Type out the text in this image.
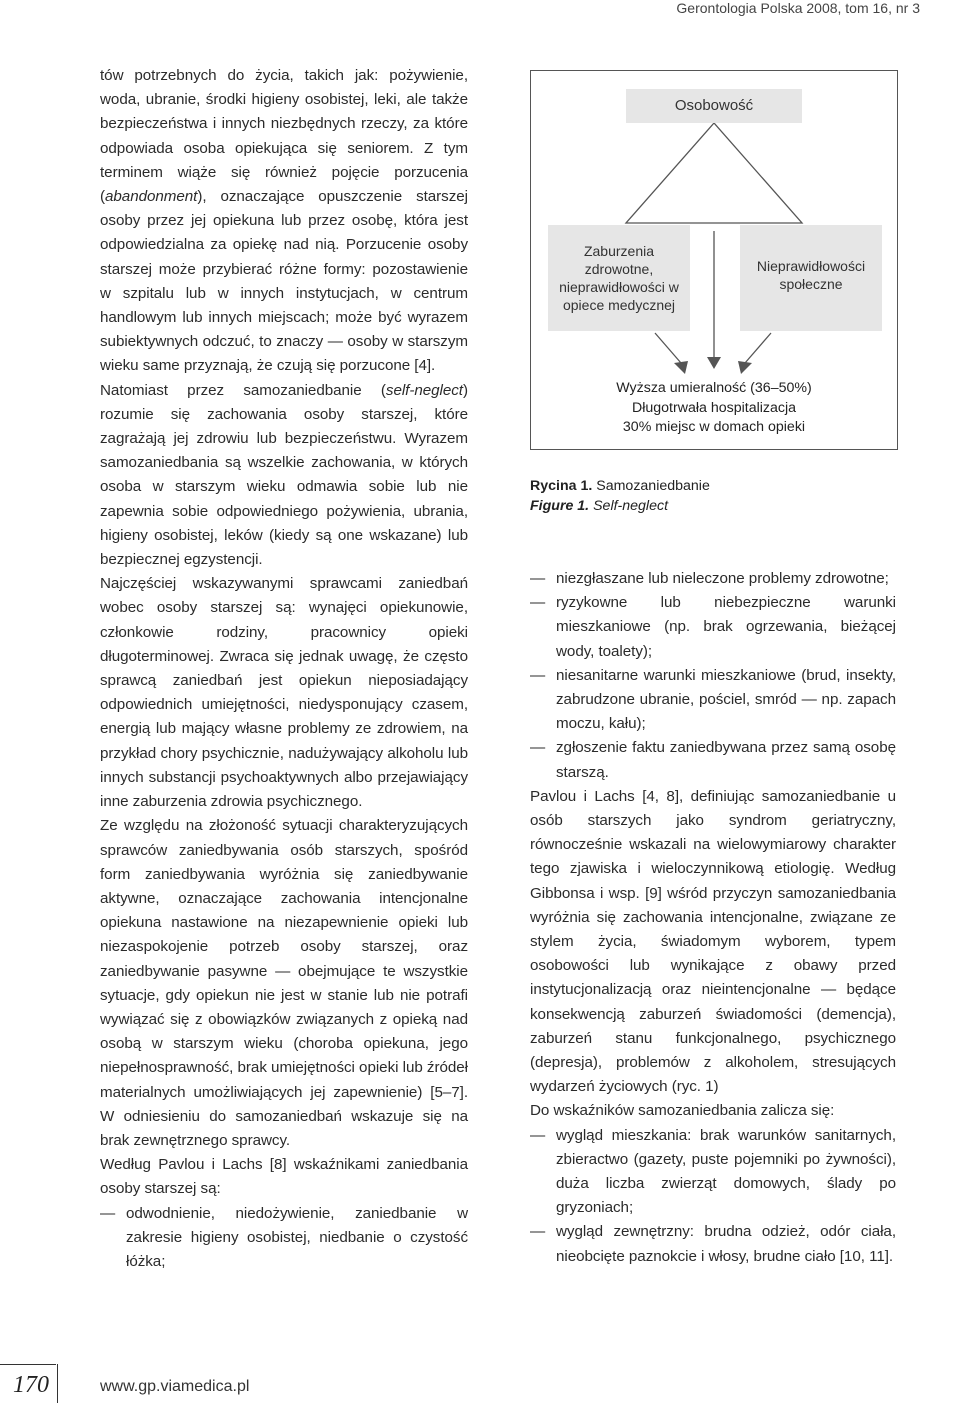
Gerontologia Polska 2008, tom 16, nr 3

tów potrzebnych do życia, takich jak: pożywienie, woda, ubranie, środki higieny osobistej, leki, ale także bezpieczeństwa i innych niezbędnych rzeczy, za które odpowiada osoba opiekująca się seniorem. Z tym terminem wiąże się również pojęcie porzucenia (abandonment), oznaczające opuszczenie starszej osoby przez jej opiekuna lub przez osobę, która jest odpowiedzialna za opiekę nad nią. Porzucenie osoby starszej może przybierać różne formy: pozostawienie w szpitalu lub w innych instytucjach, w centrum handlowym lub innych miejscach; może być wyrazem subiektywnych odczuć, to znaczy — osoby w starszym wieku same przyznają, że czują się porzucone [4].

Natomiast przez samozaniedbanie (self-neglect) rozumie się zachowania osoby starszej, które zagrażają jej zdrowiu lub bezpieczeństwu. Wyrazem samozaniedbania są wszelkie zachowania, w których osoba w starszym wieku odmawia sobie lub nie zapewnia sobie odpowiedniego pożywienia, ubrania, higieny osobistej, leków (kiedy są one wskazane) lub bezpiecznej egzystencji.

Najczęściej wskazywanymi sprawcami zaniedbań wobec osoby starszej są: wynajęci opiekunowie, członkowie rodziny, pracownicy opieki długoterminowej. Zwraca się jednak uwagę, że często sprawcą zaniedbań jest opiekun nieposiadający odpowiednich umiejętności, niedysponujący czasem, energią lub mający własne problemy ze zdrowiem, na przykład chory psychicznie, nadużywający alkoholu lub innych substancji psychoaktywnych albo przejawiający inne zaburzenia zdrowia psychicznego.

Ze względu na złożoność sytuacji charakteryzujących sprawców zaniedbywania osób starszych, spośród form zaniedbywania wyróżnia się zaniedbywanie aktywne, oznaczające zachowania intencjonalne opiekuna nastawione na niezapewnienie opieki lub niezaspokojenie potrzeb osoby starszej, oraz zaniedbywanie pasywne — obejmujące te wszystkie sytuacje, gdy opiekun nie jest w stanie lub nie potrafi wywiązać się z obowiązków związanych z opieką nad osobą w starszym wieku (choroba opiekuna, jego niepełnosprawność, brak umiejętności opieki lub źródeł materialnych umożliwiających jej zapewnienie) [5–7]. W odniesieniu do samozaniedbań wskazuje się na brak zewnętrznego sprawcy.

Według Pavlou i Lachs [8] wskaźnikami zaniedbania osoby starszej są:

— odwodnienie, niedożywienie, zaniedbanie w zakresie higieny osobistej, niedbanie o czystość łóżka;
Osobowość
Zaburzenia zdrowotne, nieprawidłowości w opiece medycznej
Nieprawidłowości społeczne
Wyższa umieralność (36–50%)
Długotrwała hospitalizacja
30% miejsc w domach opieki
Rycina 1. Samozaniedbanie
Figure 1. Self-neglect
— niezgłaszane lub nieleczone problemy zdrowotne;
— ryzykowne lub niebezpieczne warunki mieszkaniowe (np. brak ogrzewania, bieżącej wody, toalety);
— niesanitarne warunki mieszkaniowe (brud, insekty, zabrudzone ubranie, pościel, smród — np. zapach moczu, kału);
— zgłoszenie faktu zaniedbywana przez samą osobę starszą.

Pavlou i Lachs [4, 8], definiując samozaniedbanie u osób starszych jako syndrom geriatryczny, równocześnie wskazali na wielowymiarowy charakter tego zjawiska i wieloczynnikową etiologię. Według Gibbonsa i wsp. [9] wśród przyczyn samozaniedbania wyróżnia się zachowania intencjonalne, związane ze stylem życia, świadomym wyborem, typem osobowości lub wynikające z obawy przed instytucjonalizacją oraz nieintencjonalne — będące konsekwencją zaburzeń świadomości (demencja), zaburzeń stanu funkcjonalnego, psychicznego (depresja), problemów z alkoholem, stresujących wydarzeń życiowych (ryc. 1)

Do wskaźników samozaniedbania zalicza się:

— wygląd mieszkania: brak warunków sanitarnych, zbieractwo (gazety, puste pojemniki po żywności), duża liczba zwierząt domowych, ślady po gryzoniach;
— wygląd zewnętrzny: brudna odzież, odór ciała, nieobcięte paznokcie i włosy, brudne ciało [10, 11].
170	www.gp.viamedica.pl
